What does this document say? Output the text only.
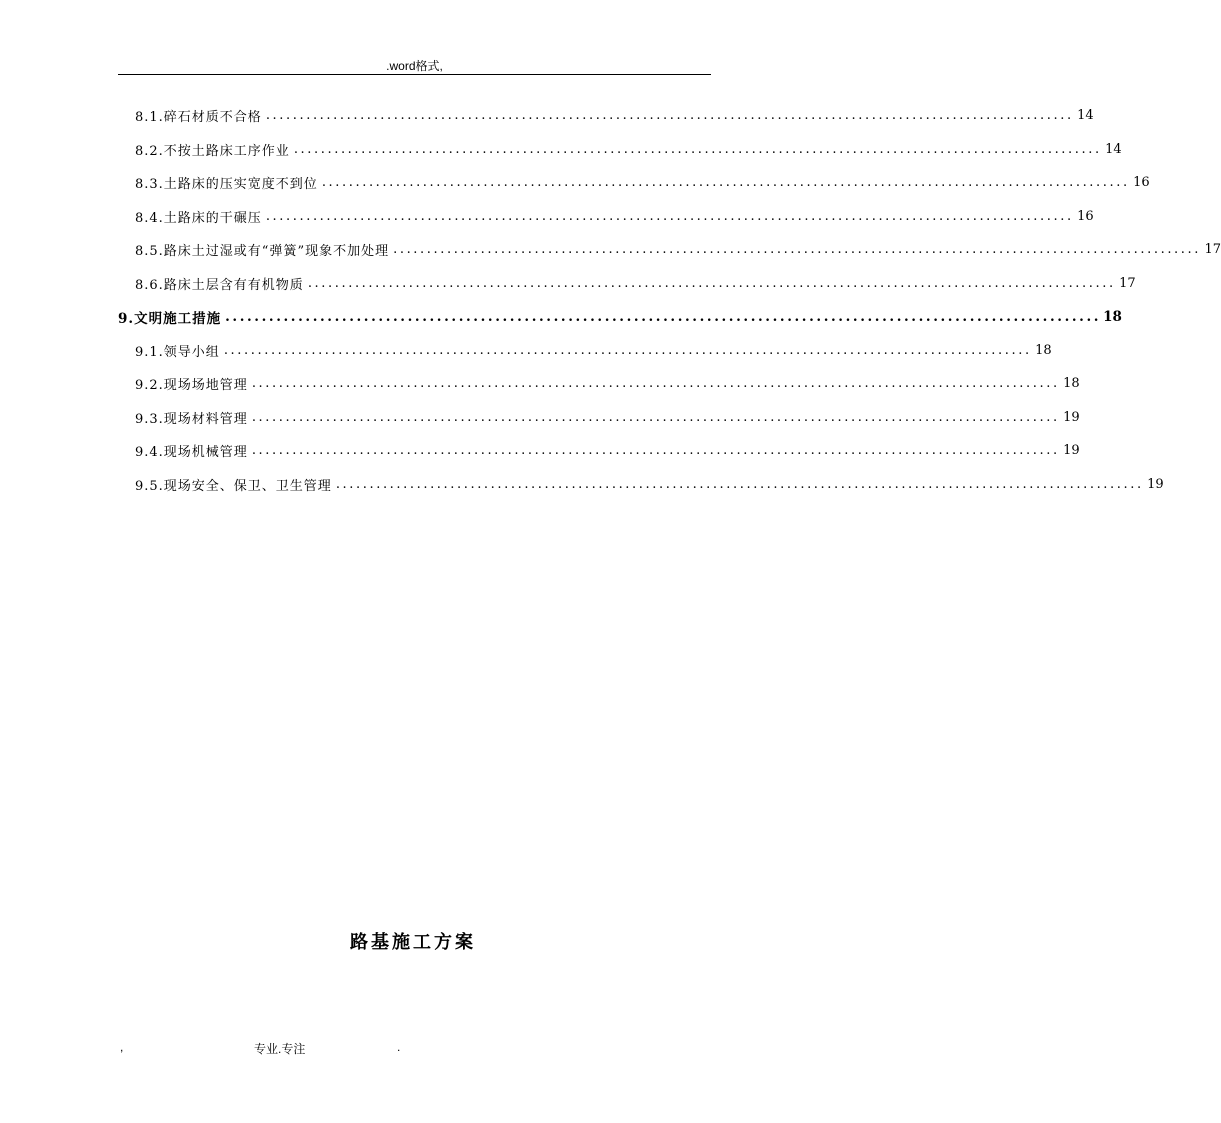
.word格式,
8.1.碎石材质不合格 ........................................................................................................................ 14
8.2.不按土路床工序作业 ........................................................................................................................ 14
8.3.土路床的压实宽度不到位 ........................................................................................................................ 16
8.4.土路床的干碾压 ........................................................................................................................ 16
8.5.路床土过湿或有“弹簧”现象不加处理 ........................................................................................................................ 17
8.6.路床土层含有有机物质 ........................................................................................................................ 17
9.文明施工措施 ........................................................................................................................ 18
9.1.领导小组 ........................................................................................................................ 18
9.2.现场场地管理 ........................................................................................................................ 18
9.3.现场材料管理 ........................................................................................................................ 19
9.4.现场机械管理 ........................................................................................................................ 19
9.5.现场安全、保卫、卫生管理 ........................................................................................................................ 19
路基施工方案
,	专业.专注	.
